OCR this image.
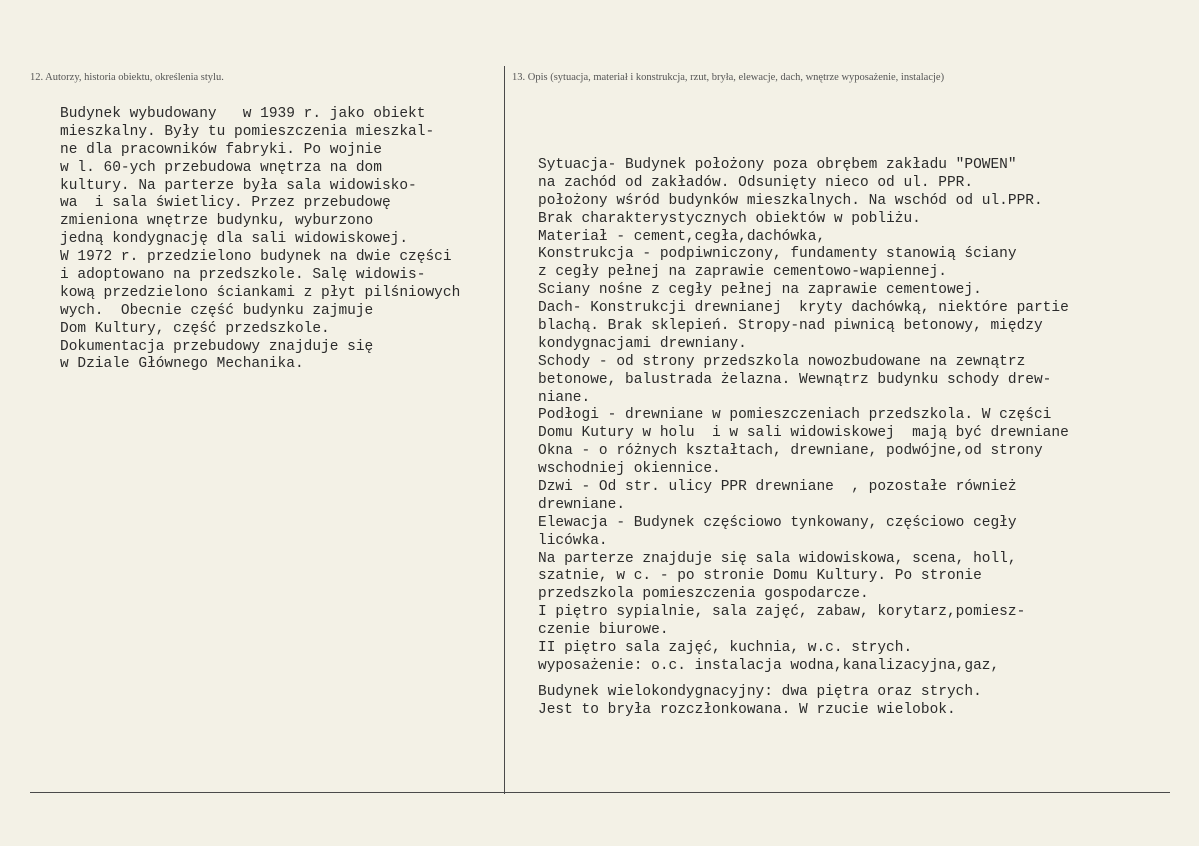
12. Autorzy, historia obiektu, określenia stylu.	13. Opis (sytuacja, materiał i konstrukcja, rzut, bryła, elewacje, dach, wnętrze wyposażenie, instalacje)
Budynek wybudowany   w 1939 r. jako obiekt
mieszkalny. Były tu pomieszczenia mieszkal-
ne dla pracowników fabryki. Po wojnie
w l. 60-ych przebudowa wnętrza na dom
kultury. Na parterze była sala widowisko-
wa  i sala świetlicy. Przez przebudowę
zmieniona wnętrze budynku, wyburzono
jedną kondygnację dla sali widowiskowej.
W 1972 r. przedzielono budynek na dwie części
i adoptowano na przedszkole. Salę widowis-
kową przedzielono ściankami z płyt pilśniowych
wych.  Obecnie część budynku zajmuje
Dom Kultury, część przedszkole.
Dokumentacja przebudowy znajduje się
w Dziale Głównego Mechanika.
Sytuacja- Budynek położony poza obrębem zakładu "POWEN"
na zachód od zakładów. Odsunięty nieco od ul. PPR.
położony wśród budynków mieszkalnych. Na wschód od ul.PPR.
Brak charakterystycznych obiektów w pobliżu.
Materiał - cement,cegła,dachówka,
Konstrukcja - podpiwniczony, fundamenty stanowią ściany
z cegły pełnej na zaprawie cementowo-wapiennej.
Sciany nośne z cegły pełnej na zaprawie cementowej.
Dach- Konstrukcji drewnianej  kryty dachówką, niektóre partie
blachą. Brak sklepień. Stropy-nad piwnicą betonowy, między
kondygnacjami drewniany.
Schody - od strony przedszkola nowozbudowane na zewnątrz
betonowe, balustrada żelazna. Wewnątrz budynku schody drew-
niane.
Podłogi - drewniane w pomieszczeniach przedszkola. W części
Domu Kutury w holu  i w sali widowiskowej  mają być drewniane
Okna - o różnych kształtach, drewniane, podwójne,od strony
wschodniej okiennice.
Dzwi - Od str. ulicy PPR drewniane  , pozostałe również
drewniane.
Elewacja - Budynek częściowo tynkowany, częściowo cegły
licówka.
Na parterze znajduje się sala widowiskowa, scena, holl,
szatnie, w c. - po stronie Domu Kultury. Po stronie
przedszkola pomieszczenia gospodarcze.
I piętro sypialnie, sala zajęć, zabaw, korytarz,pomiesz-
czenie biurowe.
II piętro sala zajęć, kuchnia, w.c. strych.
wyposażenie: o.c. instalacja wodna,kanalizacyjna,gaz,
Budynek wielokondygnacyjny: dwa piętra oraz strych.
Jest to bryła rozczłonkowana. W rzucie wielobok.
